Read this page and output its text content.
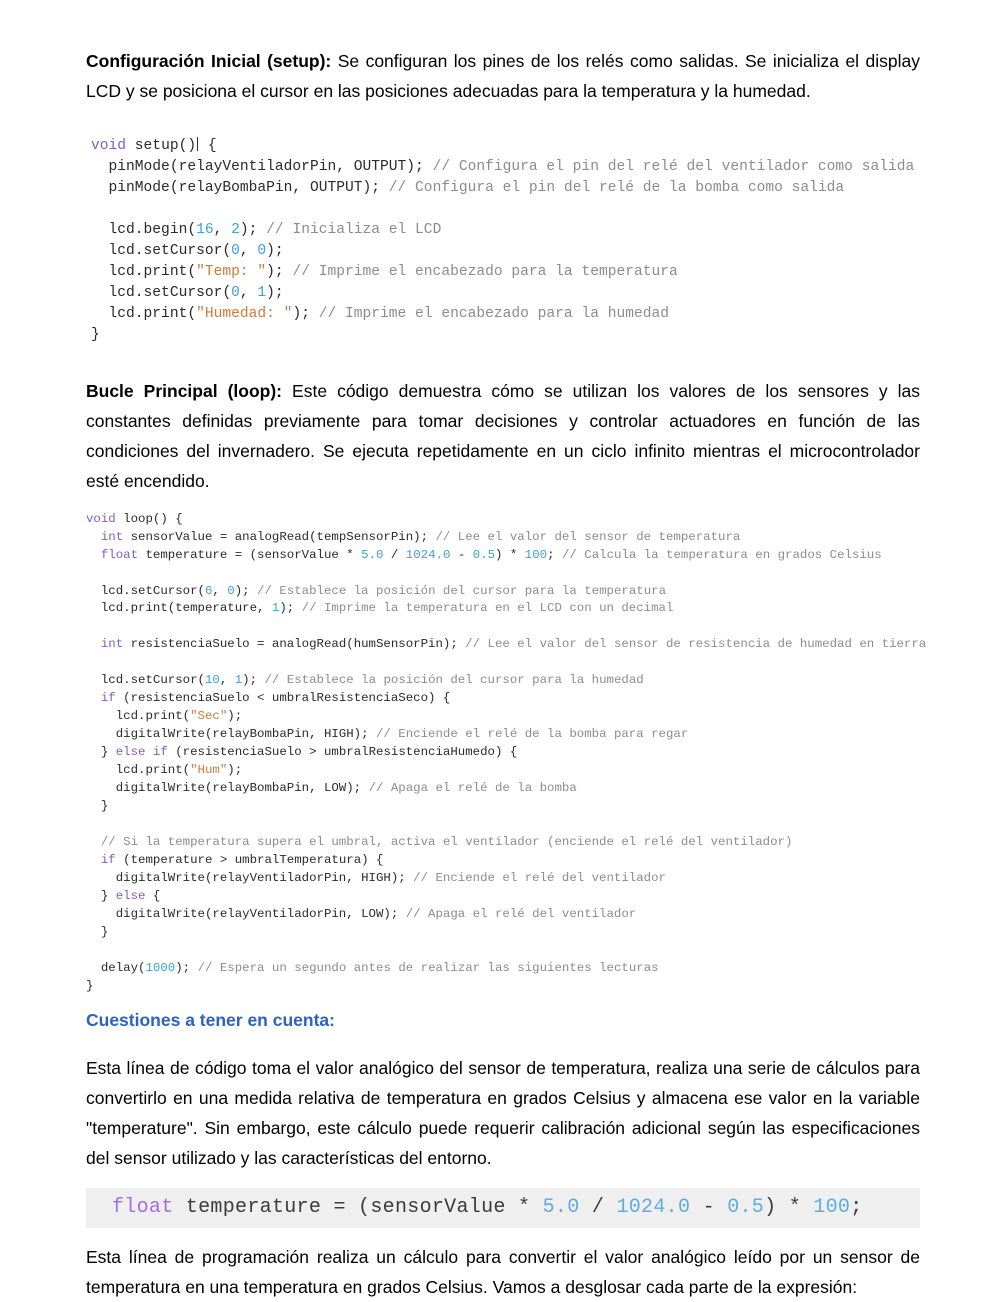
Configuración Inicial (setup): Se configuran los pines de los relés como salidas. Se inicializa el display LCD y se posiciona el cursor en las posiciones adecuadas para la temperatura y la humedad.

void setup() {
pinMode(relayVentiladorPin, OUTPUT); // Configura el pin del relé del ventilador como salida
pinMode(relayBombaPin, OUTPUT); // Configura el pin del relé de la bomba como salida

lcd.begin(16, 2); // Inicializa el LCD
lcd.setCursor(0, 0);
lcd.print("Temp: "); // Imprime el encabezado para la temperatura
lcd.setCursor(0, 1);
lcd.print("Humedad: "); // Imprime el encabezado para la humedad
}

Bucle Principal (loop): Este código demuestra cómo se utilizan los valores de los sensores y las constantes definidas previamente para tomar decisiones y controlar actuadores en función de las condiciones del invernadero. Se ejecuta repetidamente en un ciclo infinito mientras el microcontrolador esté encendido.

void loop() {
int sensorValue = analogRead(tempSensorPin); // Lee el valor del sensor de temperatura
float temperature = (sensorValue * 5.0 / 1024.0 - 0.5) * 100; // Calcula la temperatura en grados Celsius

lcd.setCursor(6, 0); // Establece la posición del cursor para la temperatura
lcd.print(temperature, 1); // Imprime la temperatura en el LCD con un decimal

int resistenciaSuelo = analogRead(humSensorPin); // Lee el valor del sensor de resistencia de humedad en tierra

lcd.setCursor(10, 1); // Establece la posición del cursor para la humedad
if (resistenciaSuelo < umbralResistenciaSeco) {
lcd.print("Sec");
digitalWrite(relayBombaPin, HIGH); // Enciende el relé de la bomba para regar
} else if (resistenciaSuelo > umbralResistenciaHumedo) {
lcd.print("Hum");
digitalWrite(relayBombaPin, LOW); // Apaga el relé de la bomba
}

// Si la temperatura supera el umbral, activa el ventilador (enciende el relé del ventilador)
if (temperature > umbralTemperatura) {
digitalWrite(relayVentiladorPin, HIGH); // Enciende el relé del ventilador
} else {
digitalWrite(relayVentiladorPin, LOW); // Apaga el relé del ventilador
}

delay(1000); // Espera un segundo antes de realizar las siguientes lecturas
}

Cuestiones a tener en cuenta:

Esta línea de código toma el valor analógico del sensor de temperatura, realiza una serie de cálculos para convertirlo en una medida relativa de temperatura en grados Celsius y almacena ese valor en la variable "temperature". Sin embargo, este cálculo puede requerir calibración adicional según las especificaciones del sensor utilizado y las características del entorno.

float temperature = (sensorValue * 5.0 / 1024.0 - 0.5) * 100;

Esta línea de programación realiza un cálculo para convertir el valor analógico leído por un sensor de temperatura en una temperatura en grados Celsius. Vamos a desglosar cada parte de la expresión:
